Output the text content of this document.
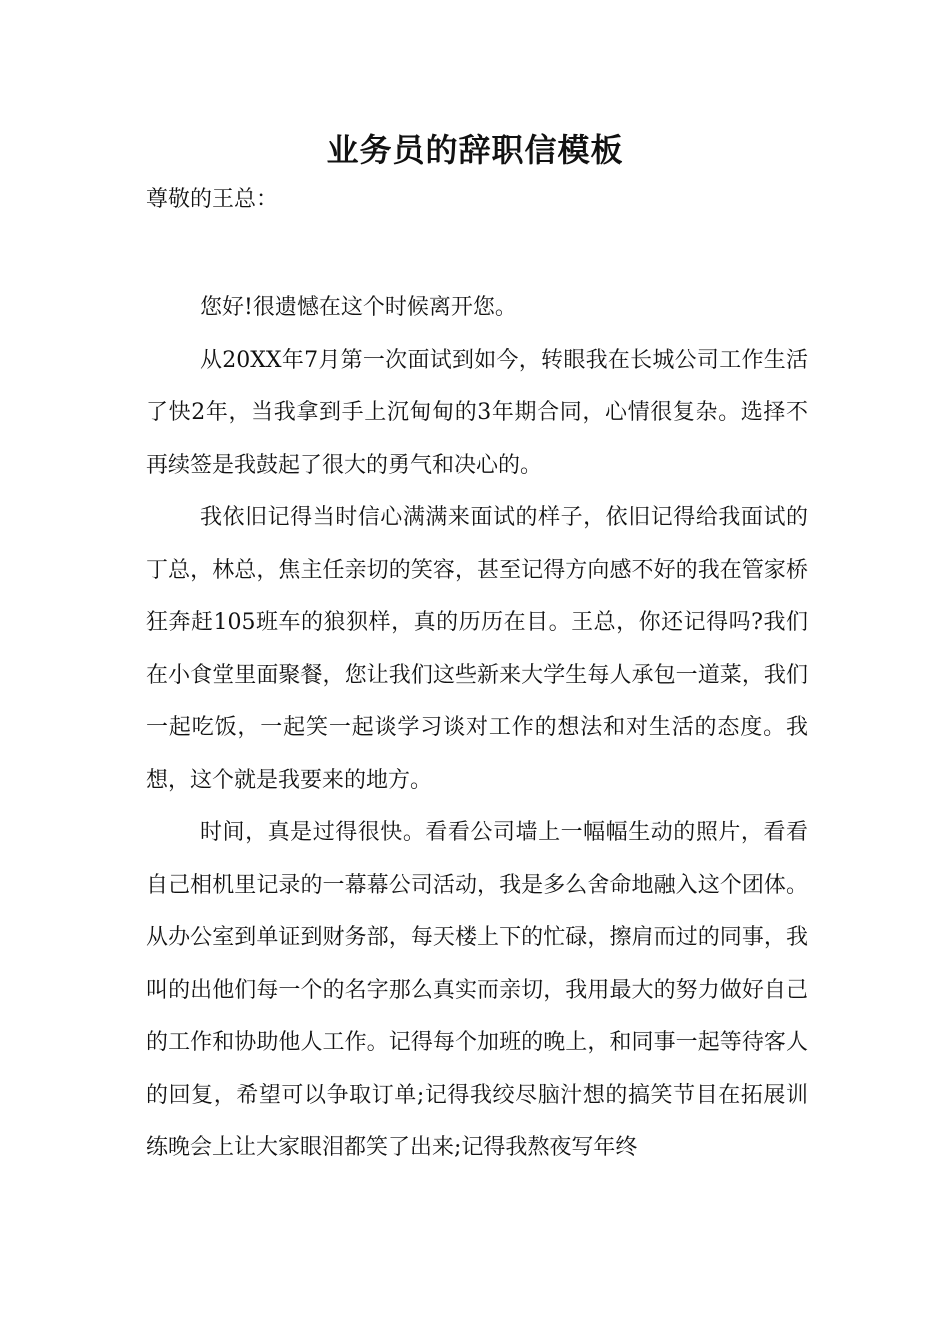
业务员的辞职信模板
尊敬的王总：

您好!很遗憾在这个时候离开您。

从20XX年7月第一次面试到如今，转眼我在长城公司工作生活了快2年，当我拿到手上沉甸甸的3年期合同，心情很复杂。选择不再续签是我鼓起了很大的勇气和决心的。

我依旧记得当时信心满满来面试的样子，依旧记得给我面试的丁总，林总，焦主任亲切的笑容，甚至记得方向感不好的我在管家桥狂奔赶105班车的狼狈样，真的历历在目。王总，你还记得吗?我们在小食堂里面聚餐，您让我们这些新来大学生每人承包一道菜，我们一起吃饭，一起笑一起谈学习谈对工作的想法和对生活的态度。我想，这个就是我要来的地方。

时间，真是过得很快。看看公司墙上一幅幅生动的照片，看看自己相机里记录的一幕幕公司活动，我是多么舍命地融入这个团体。从办公室到单证到财务部，每天楼上下的忙碌，擦肩而过的同事，我叫的出他们每一个的名字那么真实而亲切，我用最大的努力做好自己的工作和协助他人工作。记得每个加班的晚上，和同事一起等待客人的回复，希望可以争取订单;记得我绞尽脑汁想的搞笑节目在拓展训练晚会上让大家眼泪都笑了出来;记得我熬夜写年终
